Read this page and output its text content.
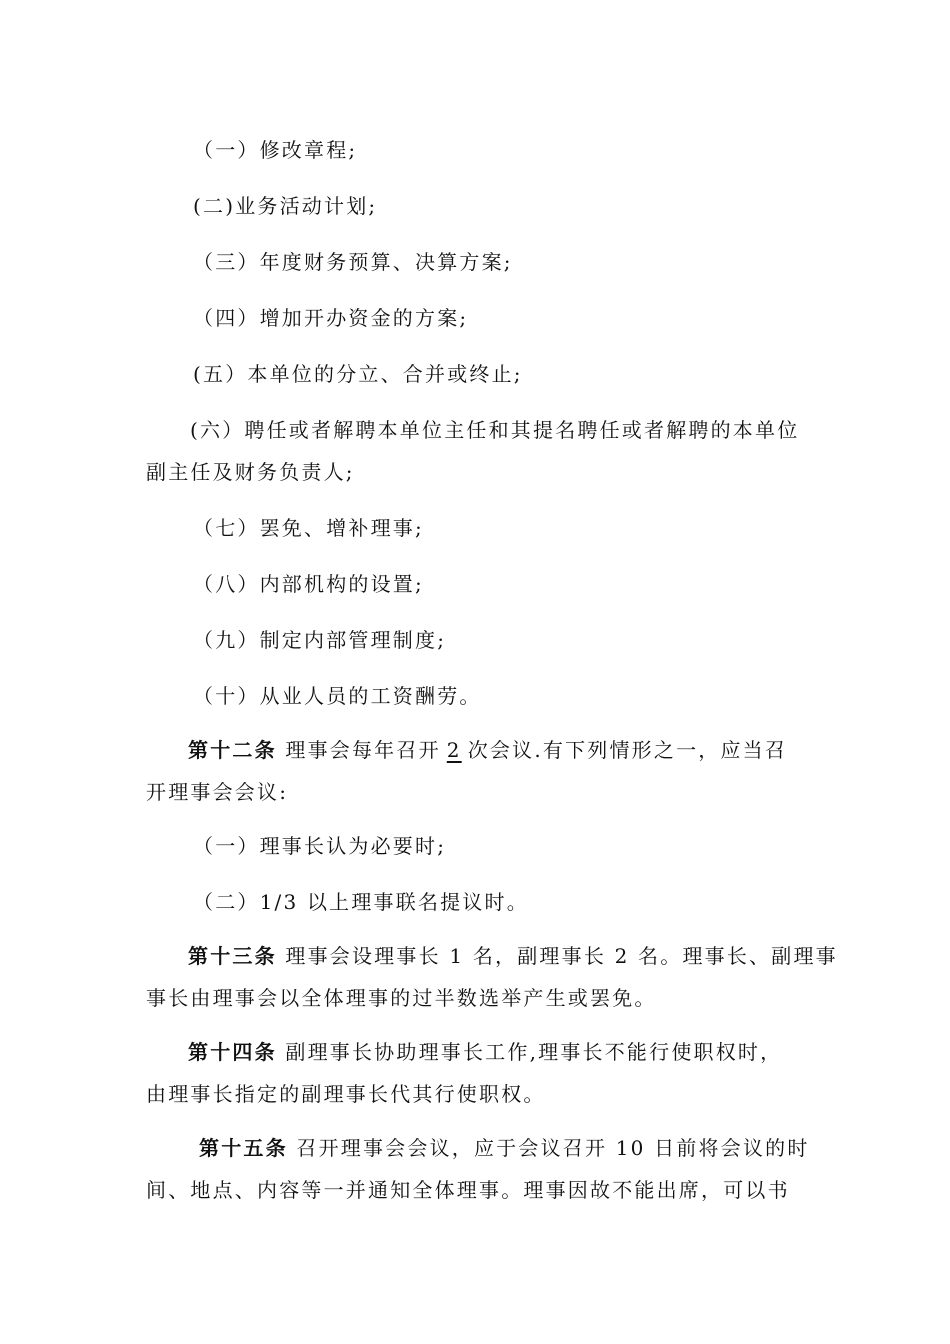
（一）修改章程;
(二)业务活动计划;
（三）年度财务预算、决算方案;
（四）增加开办资金的方案;
(五）本单位的分立、合并或终止;
(六）聘任或者解聘本单位主任和其提名聘任或者解聘的本单位
副主任及财务负责人;
（七）罢免、增补理事;
（八）内部机构的设置;
（九）制定内部管理制度;
（十）从业人员的工资酬劳。
第十二条 理事会每年召开 2 次会议.有下列情形之一，应当召
开理事会会议:
（一）理事长认为必要时;
（二）1/3 以上理事联名提议时。
第十三条 理事会设理事长 1 名，副理事长 2 名。理事长、副理事
事长由理事会以全体理事的过半数选举产生或罢免。
第十四条 副理事长协助理事长工作,理事长不能行使职权时，
由理事长指定的副理事长代其行使职权。
第十五条 召开理事会会议，应于会议召开 10 日前将会议的时
间、地点、内容等一并通知全体理事。理事因故不能出席，可以书
